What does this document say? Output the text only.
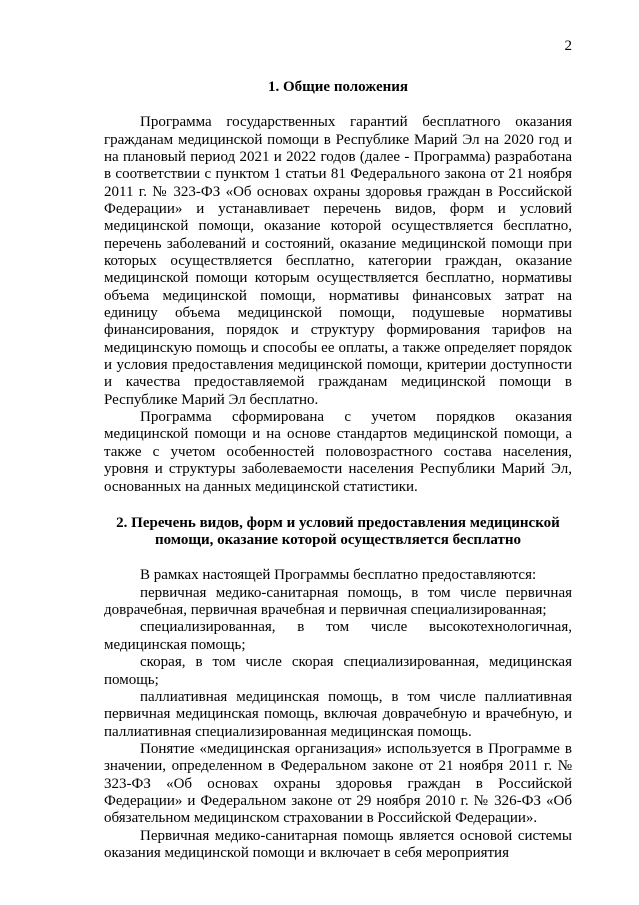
2
1. Общие положения

Программа государственных гарантий бесплатного оказания гражданам медицинской помощи в Республике Марий Эл на 2020 год и на плановый период 2021 и 2022 годов (далее - Программа) разработана в соответствии с пунктом 1 статьи 81 Федерального закона от 21 ноября 2011 г. № 323-ФЗ «Об основах охраны здоровья граждан в Российской Федерации» и устанавливает перечень видов, форм и условий медицинской помощи, оказание которой осуществляется бесплатно, перечень заболеваний и состояний, оказание медицинской помощи при которых осуществляется бесплатно, категории граждан, оказание медицинской помощи которым осуществляется бесплатно, нормативы объема медицинской помощи, нормативы финансовых затрат на единицу объема медицинской помощи, подушевые нормативы финансирования, порядок и структуру формирования тарифов на медицинскую помощь и способы ее оплаты, а также определяет порядок и условия предоставления медицинской помощи, критерии доступности и качества предоставляемой гражданам медицинской помощи в Республике Марий Эл бесплатно.

Программа сформирована с учетом порядков оказания медицинской помощи и на основе стандартов медицинской помощи, а также с учетом особенностей половозрастного состава населения, уровня и структуры заболеваемости населения Республики Марий Эл, основанных на данных медицинской статистики.

2. Перечень видов, форм и условий предоставления медицинской
помощи, оказание которой осуществляется бесплатно

В рамках настоящей Программы бесплатно предоставляются:

первичная медико-санитарная помощь, в том числе первичная доврачебная, первичная врачебная и первичная специализированная;

специализированная, в том числе высокотехнологичная, медицинская помощь;

скорая, в том числе скорая специализированная, медицинская помощь;

паллиативная медицинская помощь, в том числе паллиативная первичная медицинская помощь, включая доврачебную и врачебную, и паллиативная специализированная медицинская помощь.

Понятие «медицинская организация» используется в Программе в значении, определенном в Федеральном законе от 21 ноября 2011 г. № 323-ФЗ «Об основах охраны здоровья граждан в Российской Федерации» и Федеральном законе от 29 ноября 2010 г. № 326-ФЗ «Об обязательном медицинском страховании в Российской Федерации».

Первичная медико-санитарная помощь является основой системы оказания медицинской помощи и включает в себя мероприятия
